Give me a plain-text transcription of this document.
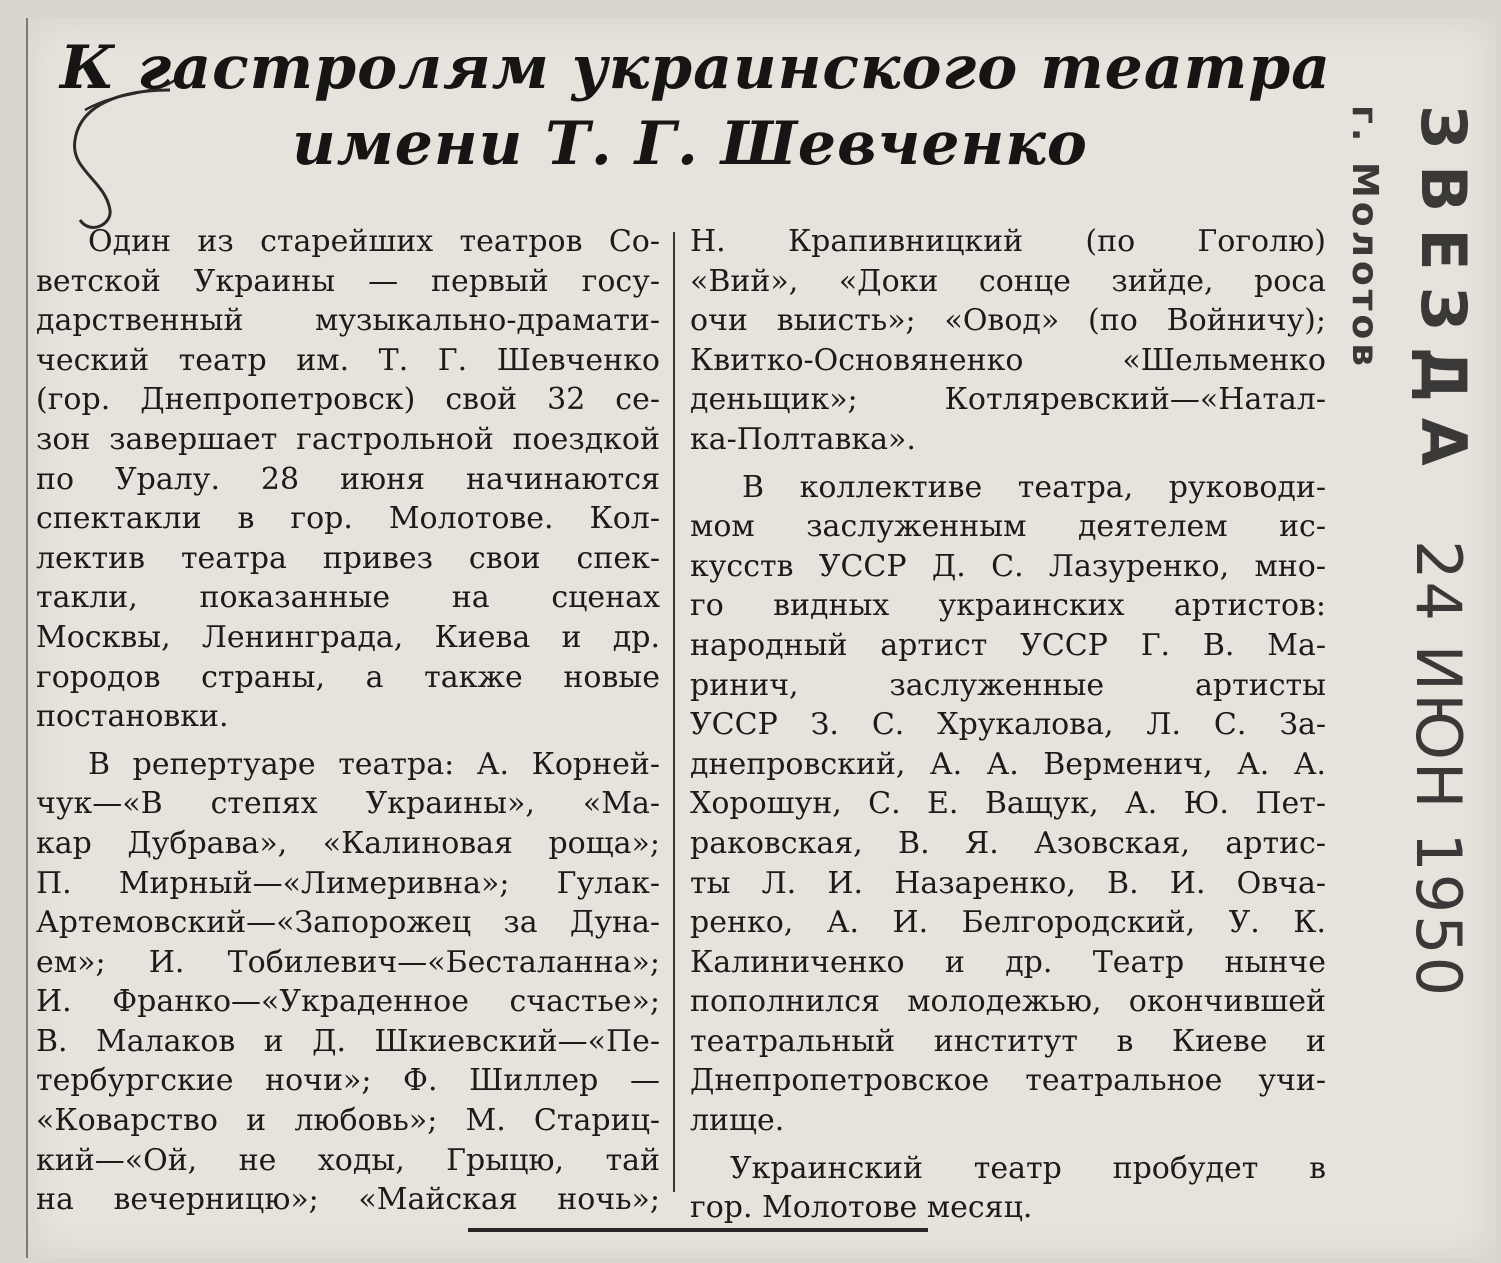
К гастролям украинского театра
имени Т. Г. Шевченко
Один из старейших театров Со-
ветской Украины — первый госу-
дарственный музыкально-драмати-
ческий театр им. Т. Г. Шевченко
(гор. Днепропетровск) свой 32 се-
зон завершает гастрольной поездкой
по Уралу. 28 июня начинаются
спектакли в гор. Молотове. Кол-
лектив театра привез свои спек-
такли, показанные на сценах
Москвы, Ленинграда, Киева и др.
городов страны, а также новые
постановки.
В репертуаре театра: А. Корней-
чук—«В степях Украины», «Ма-
кар Дубрава», «Калиновая роща»;
П. Мирный—«Лимеривна»; Гулак-
Артемовский—«Запорожец за Дуна-
ем»; И. Тобилевич—«Бесталанна»;
И. Франко—«Украденное счастье»;
В. Малаков и Д. Шкиевский—«Пе-
тербургские ночи»; Ф. Шиллер —
«Коварство и любовь»; М. Стариц-
кий—«Ой, не ходы, Грыцю, тай
на вечерницю»; «Майская ночь»;
Н. Крапивницкий (по Гоголю)
«Вий», «Доки сонце зийде, роса
очи выисть»; «Овод» (по Войничу);
Квитко-Основяненко «Шельменко
деньщик»; Котляревский—«Натал-
ка-Полтавка».
В коллективе театра, руководи-
мом заслуженным деятелем ис-
кусств УССР Д. С. Лазуренко, мно-
го видных украинских артистов:
народный артист УССР Г. В. Ма-
ринич, заслуженные артисты
УССР З. С. Хрукалова, Л. С. За-
днепровский, А. А. Верменич, А. А.
Хорошун, С. Е. Ващук, А. Ю. Пет-
раковская, В. Я. Азовская, артис-
ты Л. И. Назаренко, В. И. Овча-
ренко, А. И. Белгородский, У. К.
Калиниченко и др. Театр нынче
пополнился молодежью, окончившей
театральный институт в Киеве и
Днепропетровское театральное учи-
лище.
Украинский театр пробудет в
гор. Молотове месяц.
г. Молотов ЗВЕЗДА
24 ИЮН 1950
